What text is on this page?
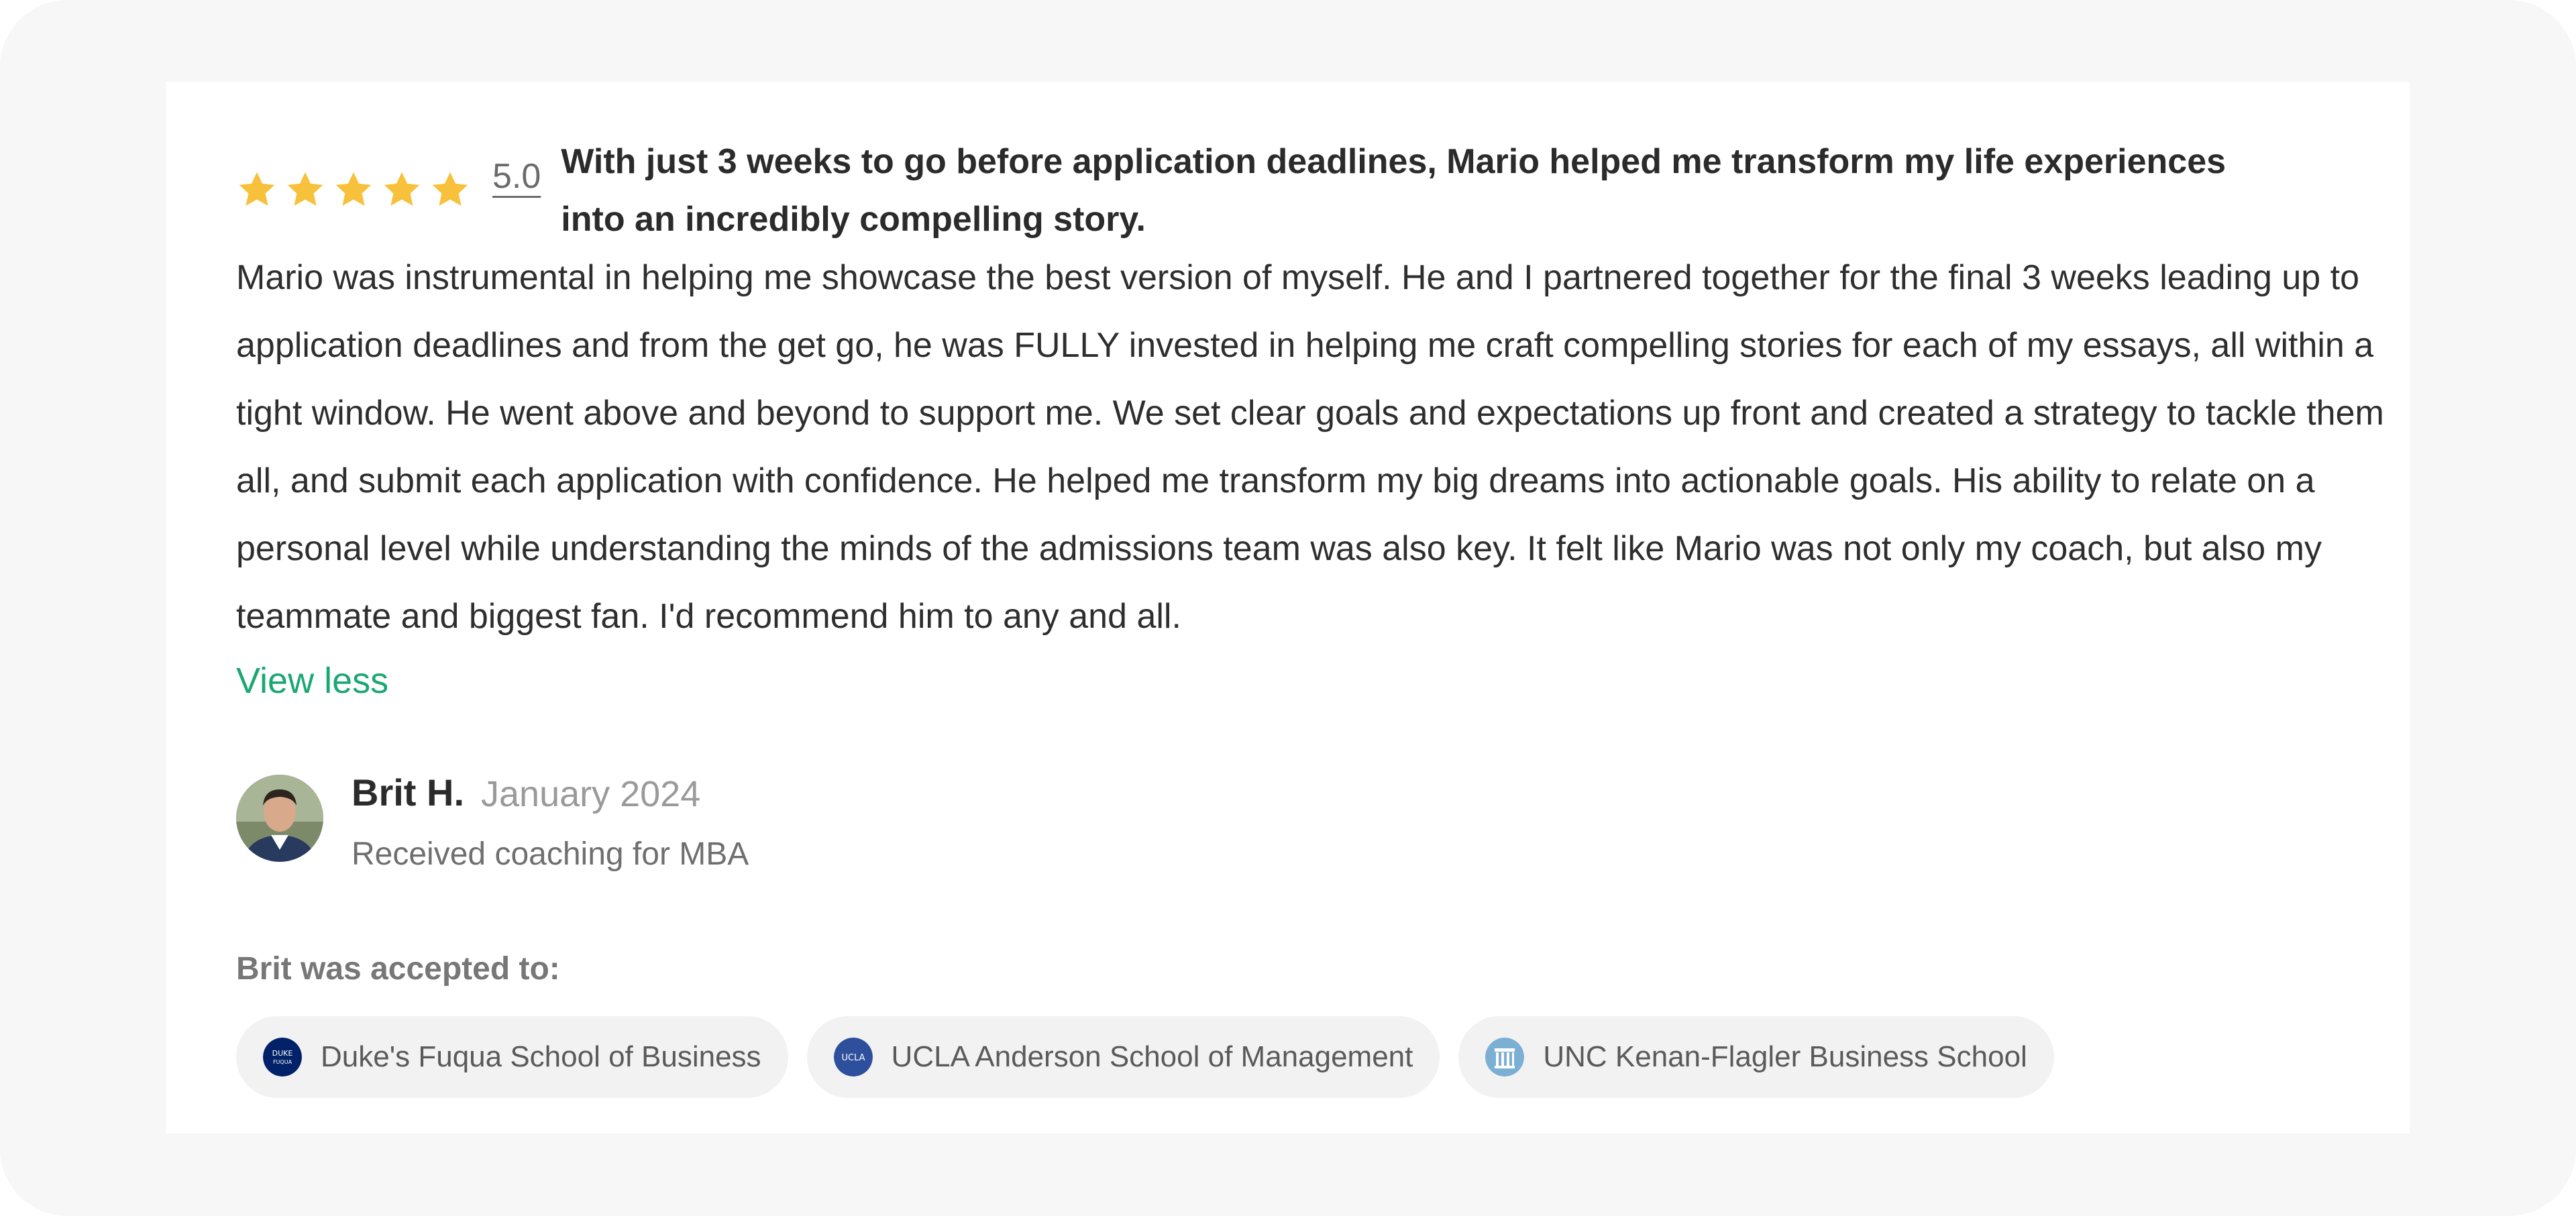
5.0 With just 3 weeks to go before application deadlines, Mario helped me transform my life experiences into an incredibly compelling story.
Mario was instrumental in helping me showcase the best version of myself. He and I partnered together for the final 3 weeks leading up to application deadlines and from the get go, he was FULLY invested in helping me craft compelling stories for each of my essays, all within a tight window. He went above and beyond to support me. We set clear goals and expectations up front and created a strategy to tackle them all, and submit each application with confidence. He helped me transform my big dreams into actionable goals. His ability to relate on a personal level while understanding the minds of the admissions team was also key. It felt like Mario was not only my coach, but also my teammate and biggest fan. I'd recommend him to any and all.
View less
Brit H. January 2024
Received coaching for MBA
Brit was accepted to:
DUKE
FUQUA Duke's Fuqua School of Business	UCLA UCLA Anderson School of Management	UNC Kenan-Flagler Business School
